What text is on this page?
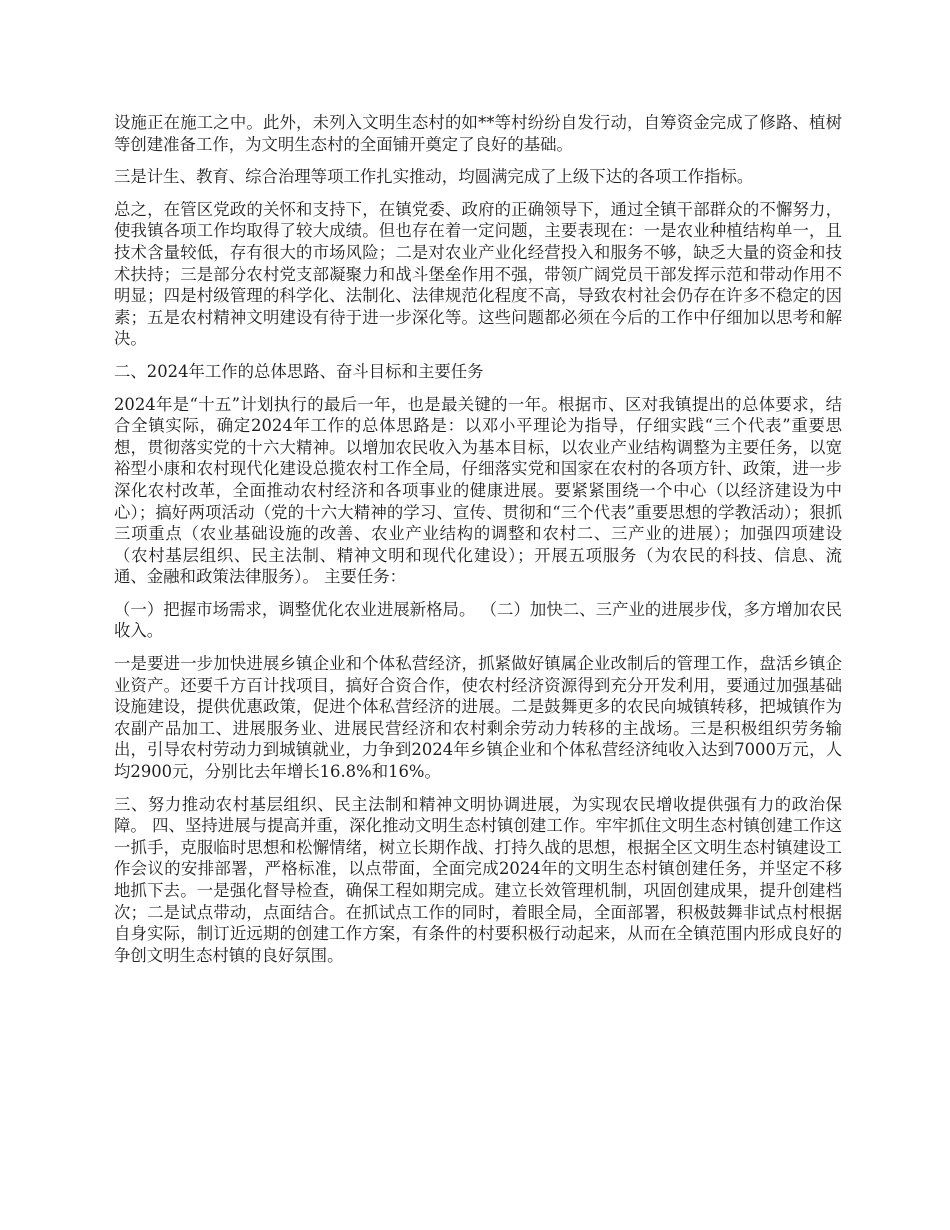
设施正在施工之中。此外，未列入文明生态村的如**等村纷纷自发行动，自筹资金完成了修路、植树等创建准备工作，为文明生态村的全面铺开奠定了良好的基础。

三是计生、教育、综合治理等项工作扎实推动，均圆满完成了上级下达的各项工作指标。

总之，在管区党政的关怀和支持下，在镇党委、政府的正确领导下，通过全镇干部群众的不懈努力，使我镇各项工作均取得了较大成绩。但也存在着一定问题，主要表现在：一是农业种植结构单一，且技术含量较低，存有很大的市场风险；二是对农业产业化经营投入和服务不够，缺乏大量的资金和技术扶持；三是部分农村党支部凝聚力和战斗堡垒作用不强，带领广阔党员干部发挥示范和带动作用不明显；四是村级管理的科学化、法制化、法律规范化程度不高，导致农村社会仍存在许多不稳定的因素；五是农村精神文明建设有待于进一步深化等。这些问题都必须在今后的工作中仔细加以思考和解决。

二、2024年工作的总体思路、奋斗目标和主要任务

2024年是“十五”计划执行的最后一年，也是最关键的一年。根据市、区对我镇提出的总体要求，结合全镇实际，确定2024年工作的总体思路是：以邓小平理论为指导，仔细实践“三个代表”重要思想，贯彻落实党的十六大精神。以增加农民收入为基本目标，以农业产业结构调整为主要任务，以宽裕型小康和农村现代化建设总揽农村工作全局，仔细落实党和国家在农村的各项方针、政策，进一步深化农村改革，全面推动农村经济和各项事业的健康进展。要紧紧围绕一个中心（以经济建设为中心）；搞好两项活动（党的十六大精神的学习、宣传、贯彻和“三个代表”重要思想的学教活动）；狠抓三项重点（农业基础设施的改善、农业产业结构的调整和农村二、三产业的进展）；加强四项建设（农村基层组织、民主法制、精神文明和现代化建设）；开展五项服务（为农民的科技、信息、流通、金融和政策法律服务）。 主要任务：

（一）把握市场需求，调整优化农业进展新格局。 （二）加快二、三产业的进展步伐，多方增加农民收入。

一是要进一步加快进展乡镇企业和个体私营经济，抓紧做好镇属企业改制后的管理工作，盘活乡镇企业资产。还要千方百计找项目，搞好合资合作，使农村经济资源得到充分开发利用，要通过加强基础设施建设，提供优惠政策，促进个体私营经济的进展。二是鼓舞更多的农民向城镇转移，把城镇作为农副产品加工、进展服务业、进展民营经济和农村剩余劳动力转移的主战场。三是积极组织劳务输出，引导农村劳动力到城镇就业，力争到2024年乡镇企业和个体私营经济纯收入达到7000万元，人均2900元，分别比去年增长16.8%和16%。

三、努力推动农村基层组织、民主法制和精神文明协调进展，为实现农民增收提供强有力的政治保障。 四、坚持进展与提高并重，深化推动文明生态村镇创建工作。牢牢抓住文明生态村镇创建工作这一抓手，克服临时思想和松懈情绪，树立长期作战、打持久战的思想，根据全区文明生态村镇建设工作会议的安排部署，严格标准，以点带面，全面完成2024年的文明生态村镇创建任务，并坚定不移地抓下去。一是强化督导检查，确保工程如期完成。建立长效管理机制，巩固创建成果，提升创建档次；二是试点带动，点面结合。在抓试点工作的同时，着眼全局，全面部署，积极鼓舞非试点村根据自身实际，制订近远期的创建工作方案，有条件的村要积极行动起来，从而在全镇范围内形成良好的争创文明生态村镇的良好氛围。
